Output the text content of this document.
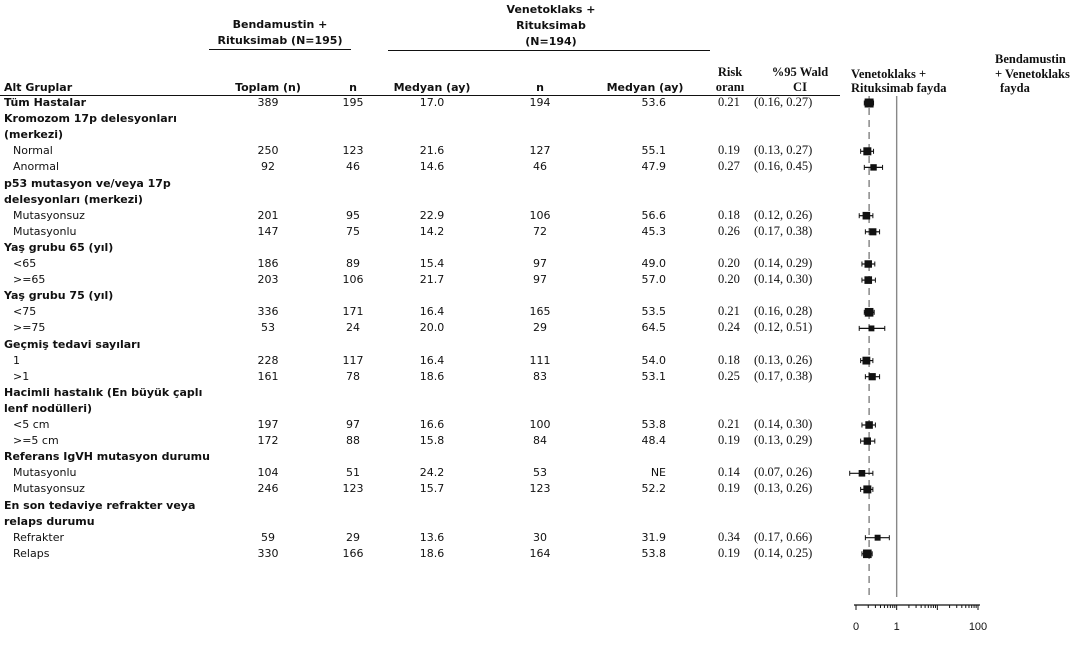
Bendamustin +
Rituksimab (N=195)
Venetoklaks +
Rituksimab
(N=194)
Alt Gruplar	Toplam (n)	n	Medyan (ay)	n	Medyan (ay)
Risk
oranı
%95 Wald
CI
Venetoklaks +
Rituksimab fayda
Bendamustin
+ Venetoklaks
fayda
Tüm Hastalar	389	195	17.0	194	53.6	0.21 (0.16, 0.27)
Kromozom 17p delesyonları
(merkezi)
Normal	250	123	21.6	127	55.1	0.19 (0.13, 0.27)
Anormal	92	46	14.6	46	47.9	0.27 (0.16, 0.45)
p53 mutasyon ve/veya 17p
delesyonları (merkezi)
Mutasyonsuz	201	95	22.9	106	56.6	0.18 (0.12, 0.26)
Mutasyonlu	147	75	14.2	72	45.3	0.26 (0.17, 0.38)
Yaş grubu 65 (yıl)
<65	186	89	15.4	97	49.0	0.20 (0.14, 0.29)
>=65	203	106	21.7	97	57.0	0.20 (0.14, 0.30)
Yaş grubu 75 (yıl)
<75	336	171	16.4	165	53.5	0.21 (0.16, 0.28)
>=75	53	24	20.0	29	64.5	0.24 (0.12, 0.51)
Geçmiş tedavi sayıları
1	228	117	16.4	111	54.0	0.18 (0.13, 0.26)
>1	161	78	18.6	83	53.1	0.25 (0.17, 0.38)
Hacimli hastalık (En büyük çaplı
lenf nodülleri)
<5 cm	197	97	16.6	100	53.8	0.21 (0.14, 0.30)
>=5 cm	172	88	15.8	84	48.4	0.19 (0.13, 0.29)
Referans IgVH mutasyon durumu
Mutasyonlu	104	51	24.2	53	NE	0.14 (0.07, 0.26)
Mutasyonsuz	246	123	15.7	123	52.2	0.19 (0.13, 0.26)
En son tedaviye refrakter veya
relaps durumu
Refrakter	59	29	13.6	30	31.9	0.34 (0.17, 0.66)
Relaps	330	166	18.6	164	53.8	0.19 (0.14, 0.25)
0	1	100
